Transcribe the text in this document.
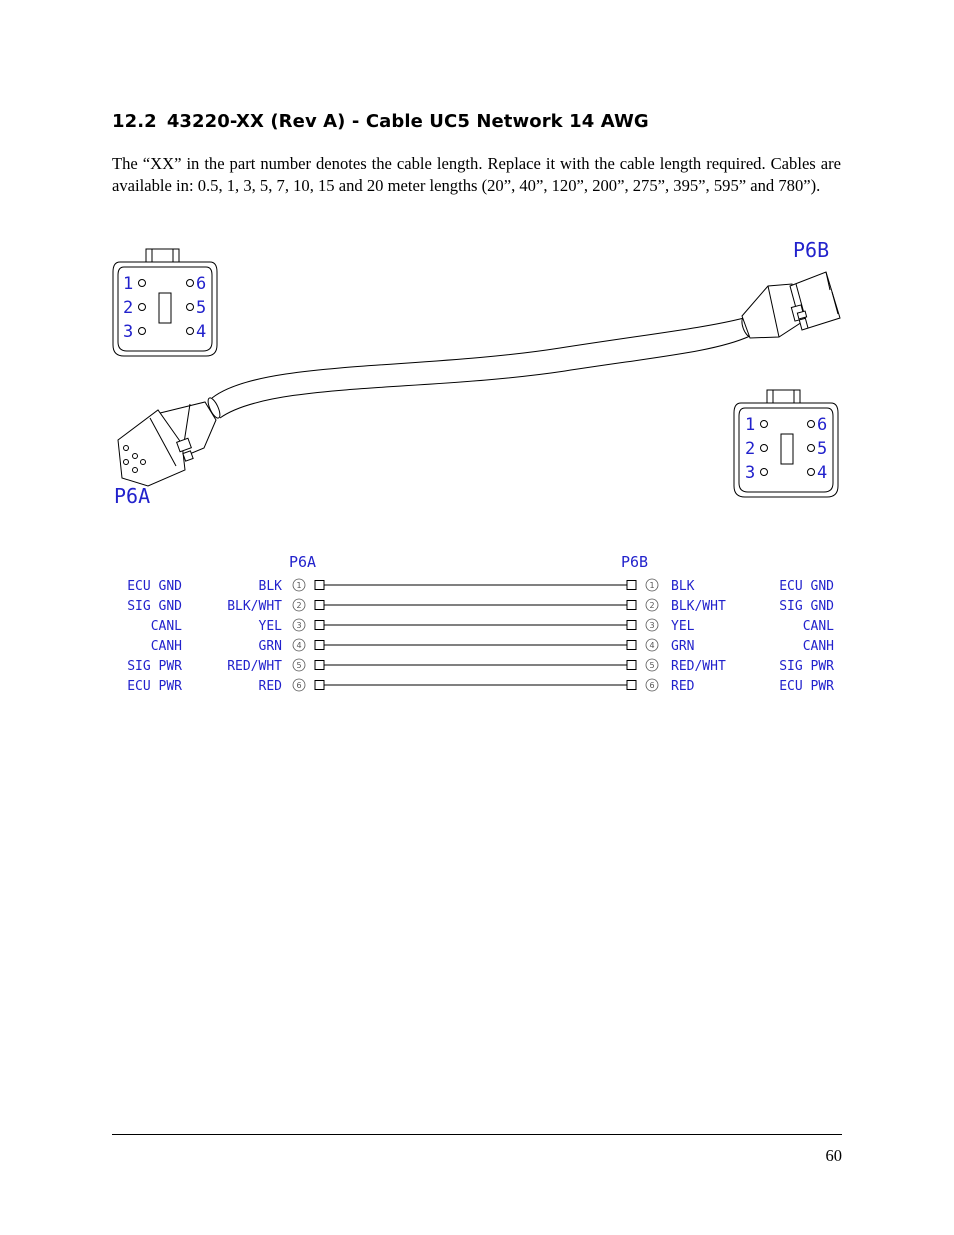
12.2 43220-XX (Rev A) - Cable UC5 Network 14 AWG

The “XX” in the part number denotes the cable length. Replace it with the cable length required. Cables are available in: 0.5, 1, 3, 5, 7, 10, 15 and 20 meter lengths (20”, 40”, 120”, 200”, 275”, 395”, 595” and 780”).

1
2
3
6
5
4
1
2
3
6
5
4
P6A
P6B
P6A	P6B
ECU GND	BLK 1	1 BLK	ECU GND
SIG GND	BLK/WHT 2	2 BLK/WHT	SIG GND
CANL	YEL 3	3 YEL	CANL
CANH	GRN 4	4 GRN	CANH
SIG PWR	RED/WHT 5	5 RED/WHT	SIG PWR
ECU PWR	RED 6	6 RED	ECU PWR
60
